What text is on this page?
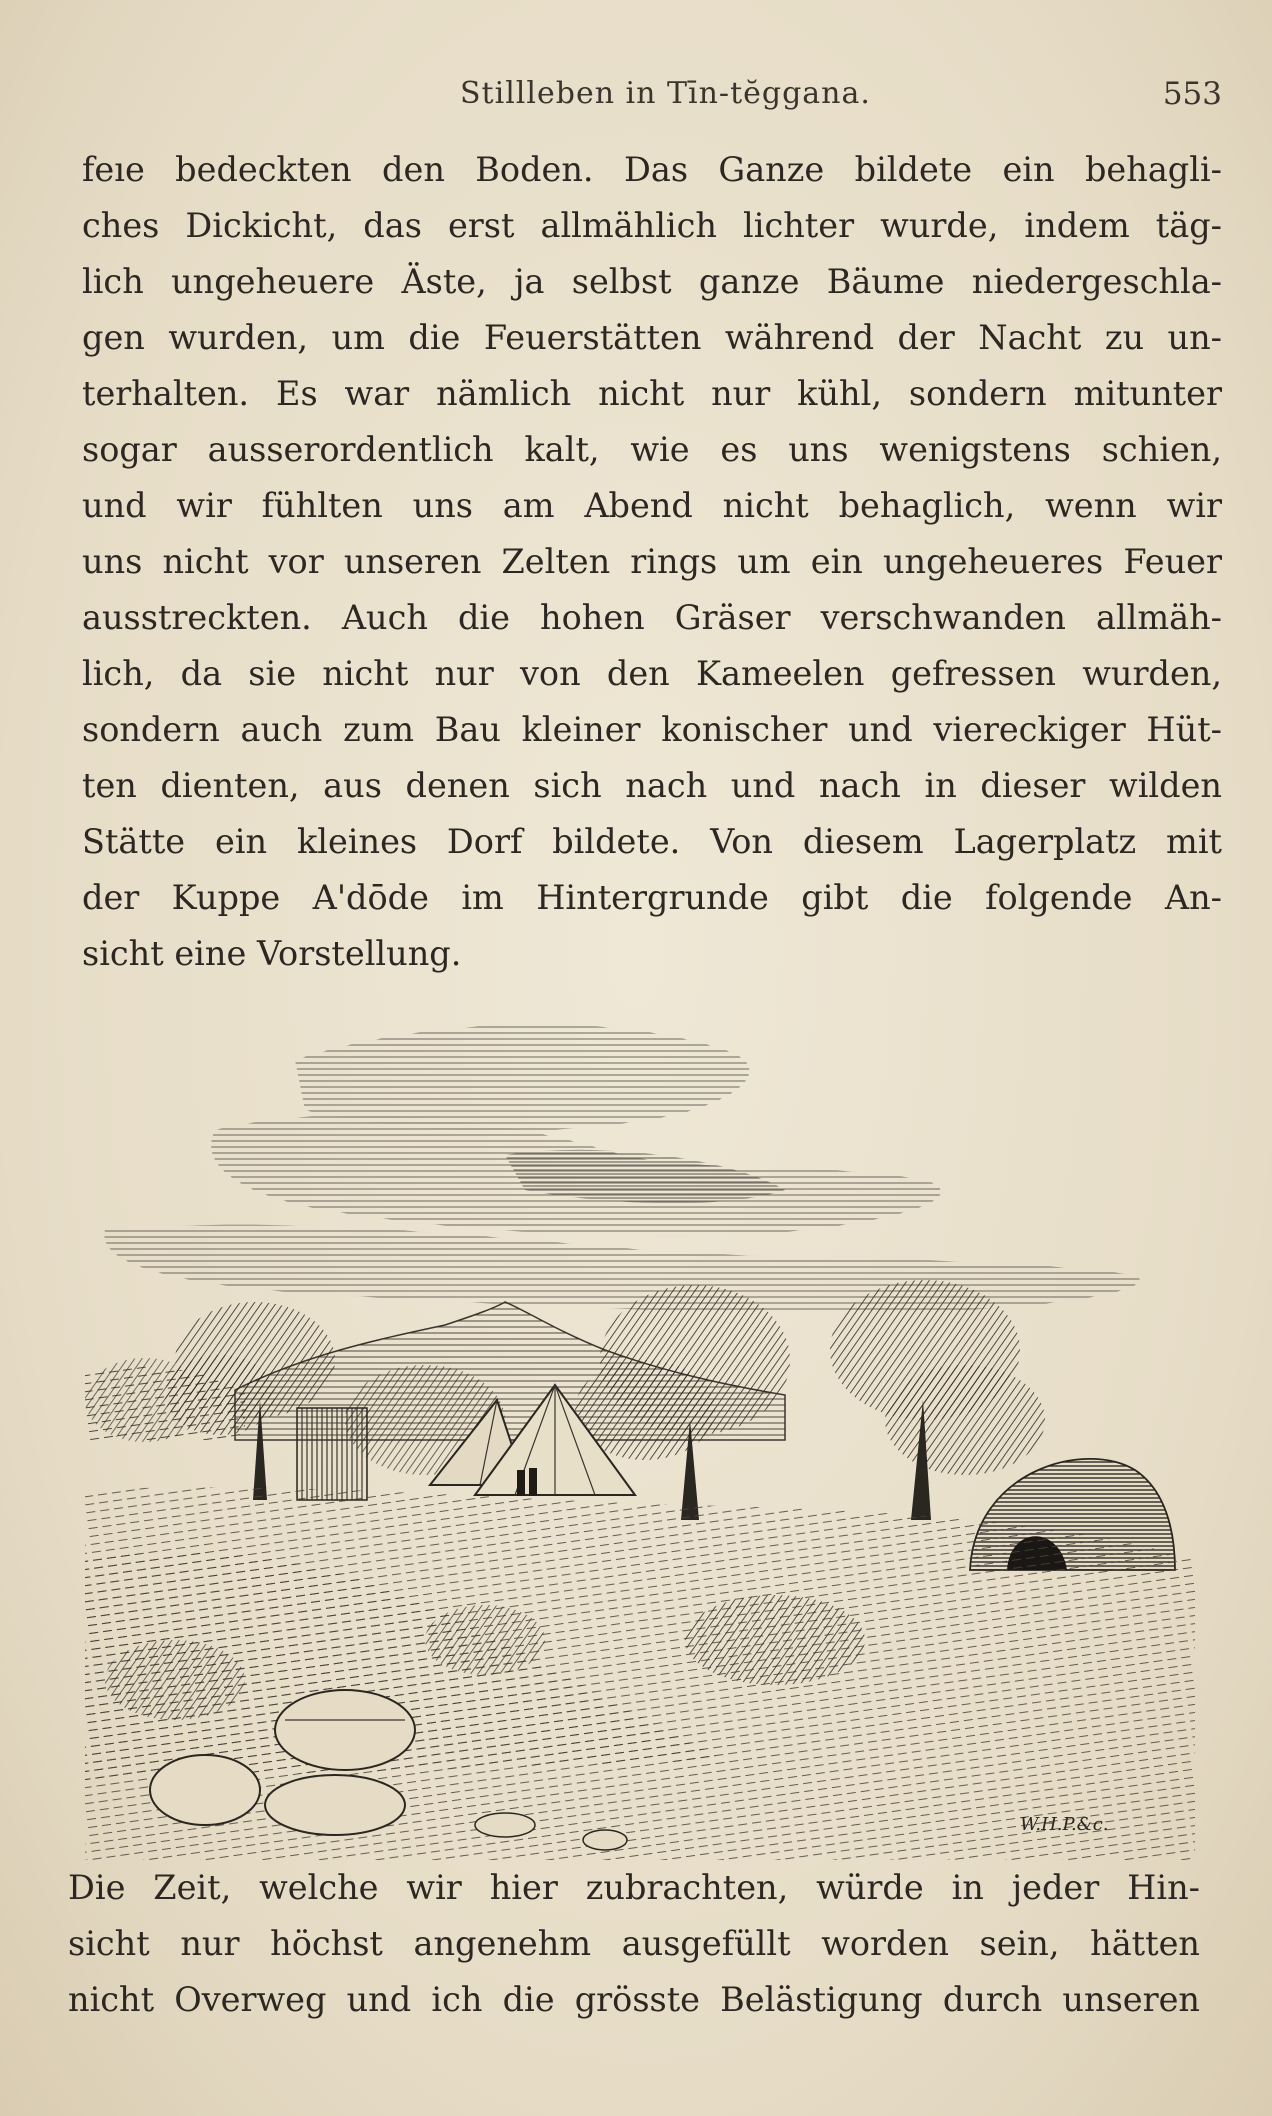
Stillleben in Tīn-tĕggana.	553
feıe bedeckten den Boden. Das Ganze bildete ein behagli-
ches Dickicht, das erst allmählich lichter wurde, indem täg-
lich ungeheuere Äste, ja selbst ganze Bäume niedergeschla-
gen wurden, um die Feuerstätten während der Nacht zu un-
terhalten. Es war nämlich nicht nur kühl, sondern mitunter
sogar ausserordentlich kalt, wie es uns wenigstens schien,
und wir fühlten uns am Abend nicht behaglich, wenn wir
uns nicht vor unseren Zelten rings um ein ungeheueres Feuer
ausstreckten. Auch die hohen Gräser verschwanden allmäh-
lich, da sie nicht nur von den Kameelen gefressen wurden,
sondern auch zum Bau kleiner konischer und viereckiger Hüt-
ten dienten, aus denen sich nach und nach in dieser wilden
Stätte ein kleines Dorf bildete. Von diesem Lagerplatz mit
der Kuppe A'dōde im Hintergrunde gibt die folgende An-
sicht eine Vorstellung.
W.H.P.&c.
Die Zeit, welche wir hier zubrachten, würde in jeder Hin-
sicht nur höchst angenehm ausgefüllt worden sein, hätten
nicht Overweg und ich die grösste Belästigung durch unseren
